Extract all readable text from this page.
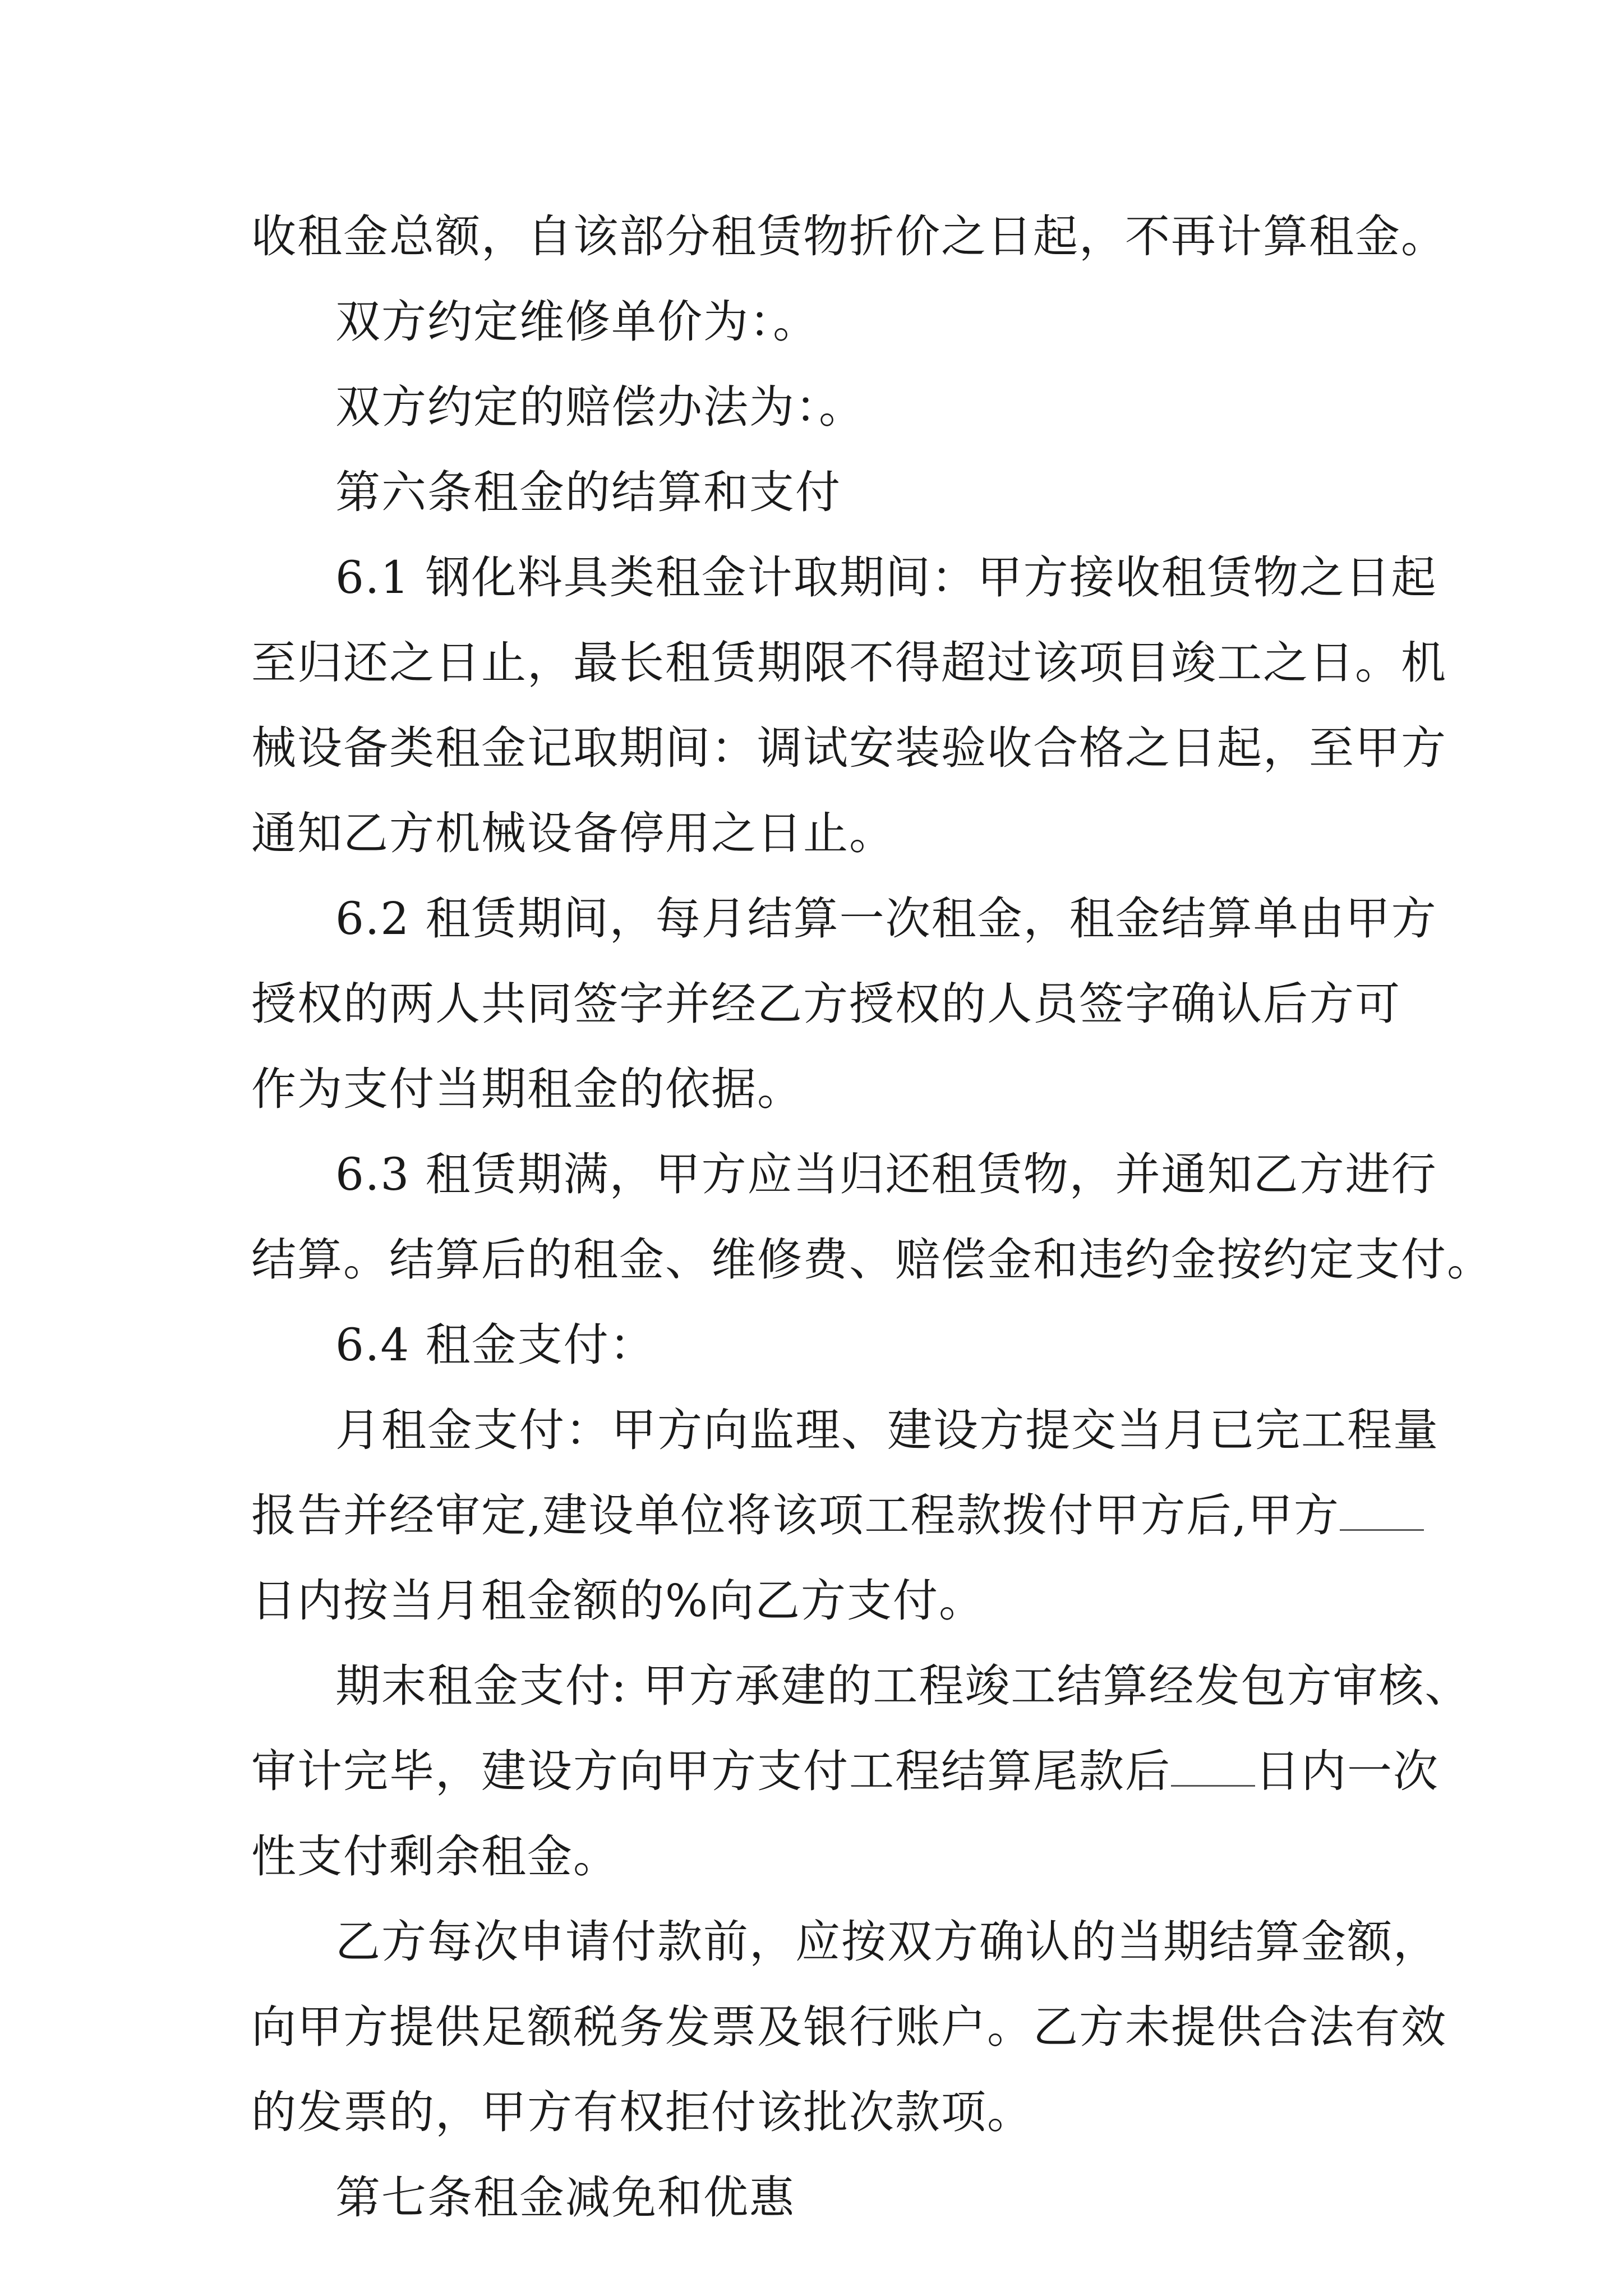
收租金总额，自该部分租赁物折价之日起，不再计算租金。
双方约定维修单价为：。
双方约定的赔偿办法为：。
第六条租金的结算和支付
6.1 钢化料具类租金计取期间：甲方接收租赁物之日起
至归还之日止，最长租赁期限不得超过该项目竣工之日。机
械设备类租金记取期间：调试安装验收合格之日起，至甲方
通知乙方机械设备停用之日止。
6.2 租赁期间，每月结算一次租金，租金结算单由甲方
授权的两人共同签字并经乙方授权的人员签字确认后方可
作为支付当期租金的依据。
6.3 租赁期满，甲方应当归还租赁物，并通知乙方进行
结算。结算后的租金、维修费、赔偿金和违约金按约定支付。
6.4 租金支付：
月租金支付：甲方向监理、建设方提交当月已完工程量
报告并经审定,建设单位将该项工程款拨付甲方后,甲方
日内按当月租金额的%向乙方支付。
期末租金支付: 甲方承建的工程竣工结算经发包方审核、
审计完毕，建设方向甲方支付工程结算尾款后 日内一次
性支付剩余租金。
乙方每次申请付款前，应按双方确认的当期结算金额，
向甲方提供足额税务发票及银行账户。乙方未提供合法有效
的发票的，甲方有权拒付该批次款项。
第七条租金减免和优惠
